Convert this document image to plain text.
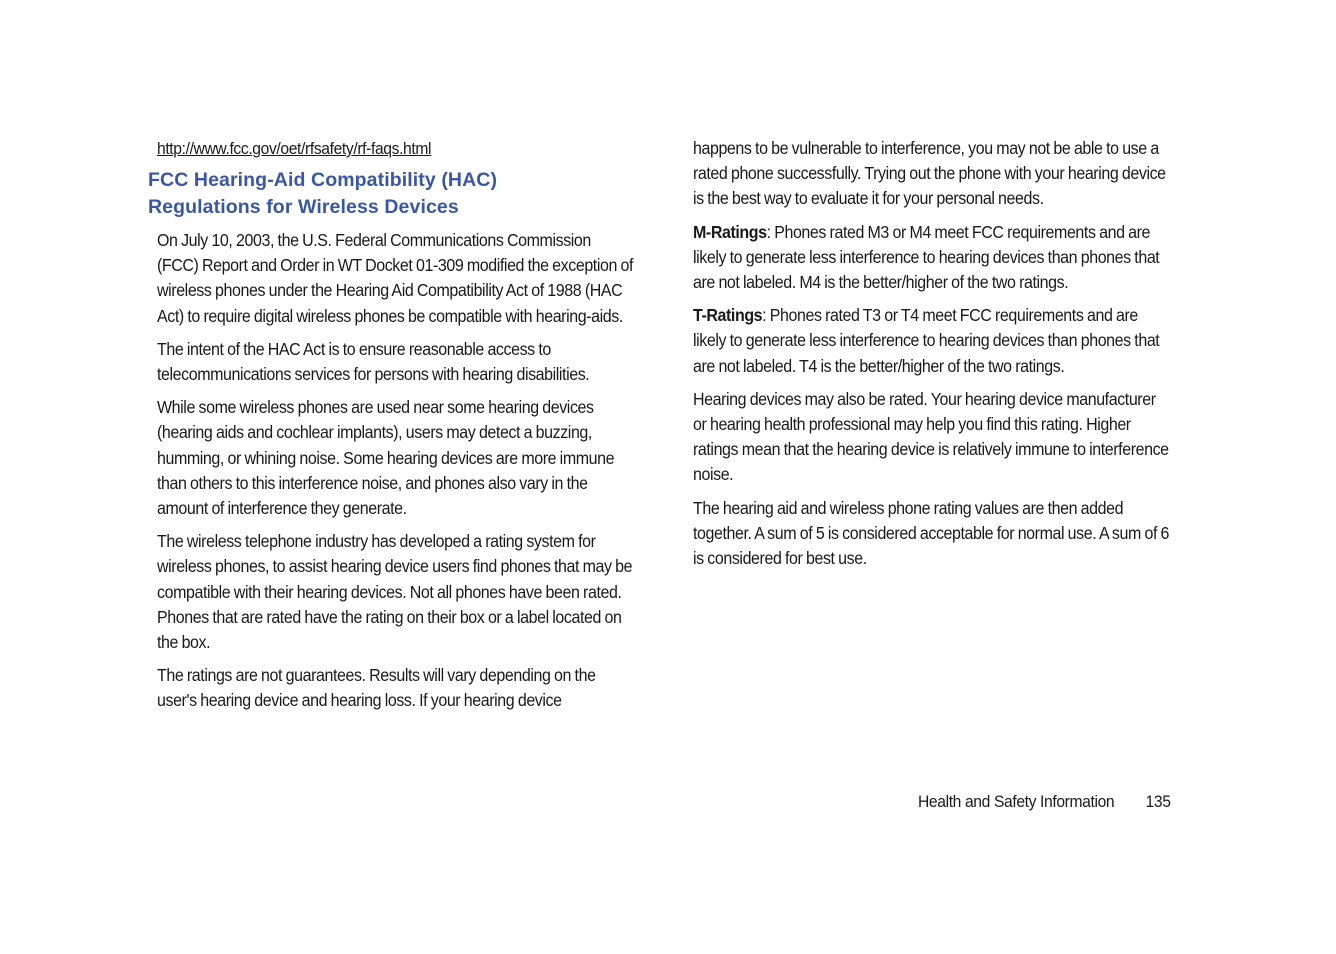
http://www.fcc.gov/oet/rfsafety/rf-faqs.html
FCC Hearing-Aid Compatibility (HAC)
Regulations for Wireless Devices

On July 10, 2003, the U.S. Federal Communications Commission (FCC) Report and Order in WT Docket 01-309 modified the exception of wireless phones under the Hearing Aid Compatibility Act of 1988 (HAC Act) to require digital wireless phones be compatible with hearing-aids.

The intent of the HAC Act is to ensure reasonable access to telecommunications services for persons with hearing disabilities.

While some wireless phones are used near some hearing devices (hearing aids and cochlear implants), users may detect a buzzing, humming, or whining noise. Some hearing devices are more immune than others to this interference noise, and phones also vary in the amount of interference they generate.

The wireless telephone industry has developed a rating system for wireless phones, to assist hearing device users find phones that may be compatible with their hearing devices. Not all phones have been rated. Phones that are rated have the rating on their box or a label located on the box.

The ratings are not guarantees. Results will vary depending on the user's hearing device and hearing loss. If your hearing device

happens to be vulnerable to interference, you may not be able to use a rated phone successfully. Trying out the phone with your hearing device is the best way to evaluate it for your personal needs.

M-Ratings: Phones rated M3 or M4 meet FCC requirements and are likely to generate less interference to hearing devices than phones that are not labeled. M4 is the better/higher of the two ratings.

T-Ratings: Phones rated T3 or T4 meet FCC requirements and are likely to generate less interference to hearing devices than phones that are not labeled. T4 is the better/higher of the two ratings.

Hearing devices may also be rated. Your hearing device manufacturer or hearing health professional may help you find this rating. Higher ratings mean that the hearing device is relatively immune to interference noise.

The hearing aid and wireless phone rating values are then added together. A sum of 5 is considered acceptable for normal use. A sum of 6 is considered for best use.

Health and Safety Information 135
